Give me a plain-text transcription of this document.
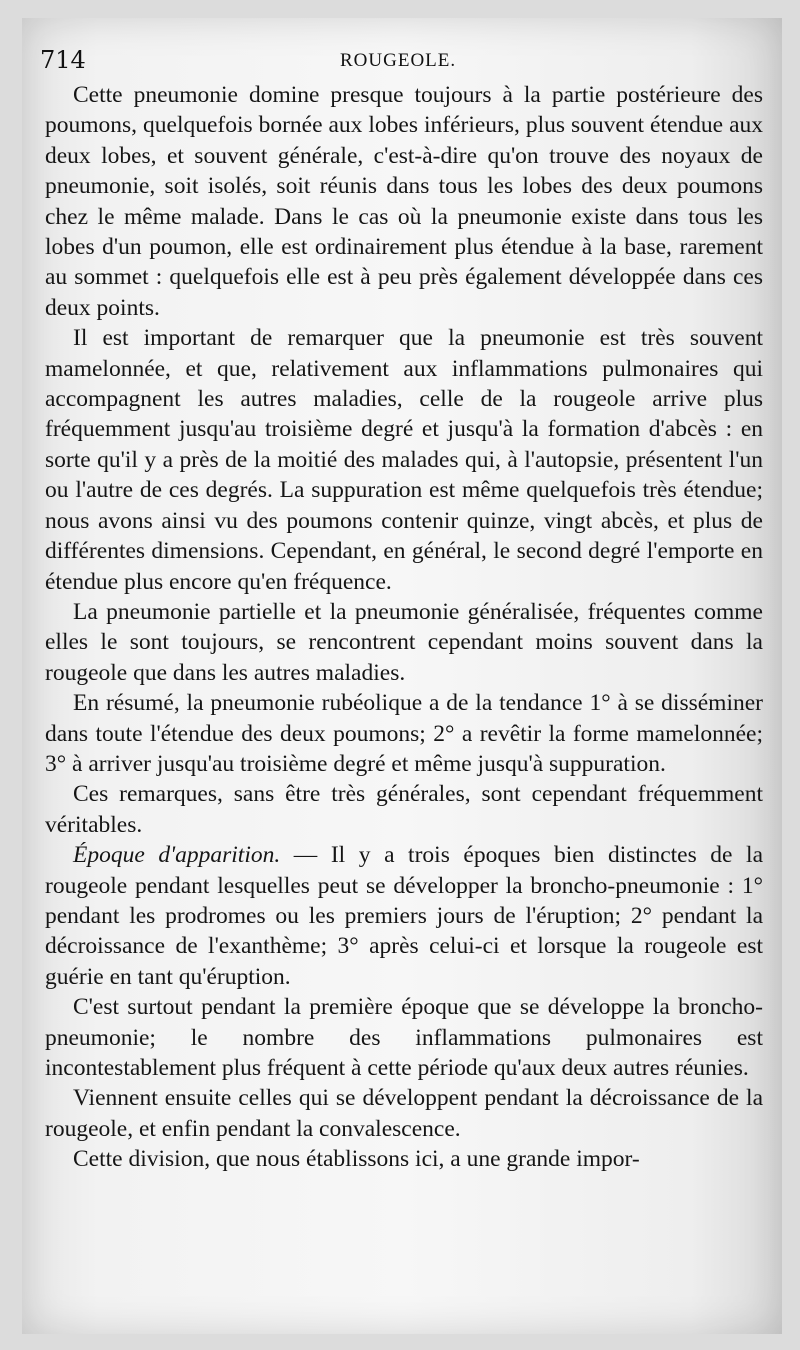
714	ROUGEOLE.

Cette pneumonie domine presque toujours à la partie postérieure des poumons, quelquefois bornée aux lobes inférieurs, plus souvent étendue aux deux lobes, et souvent générale, c'est-à-dire qu'on trouve des noyaux de pneumonie, soit isolés, soit réunis dans tous les lobes des deux poumons chez le même malade. Dans le cas où la pneumonie existe dans tous les lobes d'un poumon, elle est ordinairement plus étendue à la base, rarement au sommet : quelquefois elle est à peu près également développée dans ces deux points.

Il est important de remarquer que la pneumonie est très souvent mamelonnée, et que, relativement aux inflammations pulmonaires qui accompagnent les autres maladies, celle de la rougeole arrive plus fréquemment jusqu'au troisième degré et jusqu'à la formation d'abcès : en sorte qu'il y a près de la moitié des malades qui, à l'autopsie, présentent l'un ou l'autre de ces degrés. La suppuration est même quelquefois très étendue; nous avons ainsi vu des poumons contenir quinze, vingt abcès, et plus de différentes dimensions. Cependant, en général, le second degré l'emporte en étendue plus encore qu'en fréquence.

La pneumonie partielle et la pneumonie généralisée, fréquentes comme elles le sont toujours, se rencontrent cependant moins souvent dans la rougeole que dans les autres maladies.

En résumé, la pneumonie rubéolique a de la tendance 1° à se disséminer dans toute l'étendue des deux poumons; 2° a revêtir la forme mamelonnée; 3° à arriver jusqu'au troisième degré et même jusqu'à suppuration.

Ces remarques, sans être très générales, sont cependant fréquemment véritables.

Époque d'apparition. — Il y a trois époques bien distinctes de la rougeole pendant lesquelles peut se développer la broncho-pneumonie : 1° pendant les prodromes ou les premiers jours de l'éruption; 2° pendant la décroissance de l'exanthème; 3° après celui-ci et lorsque la rougeole est guérie en tant qu'éruption.

C'est surtout pendant la première époque que se développe la broncho-pneumonie; le nombre des inflammations pulmonaires est incontestablement plus fréquent à cette période qu'aux deux autres réunies.

Viennent ensuite celles qui se développent pendant la décroissance de la rougeole, et enfin pendant la convalescence.

Cette division, que nous établissons ici, a une grande impor-
